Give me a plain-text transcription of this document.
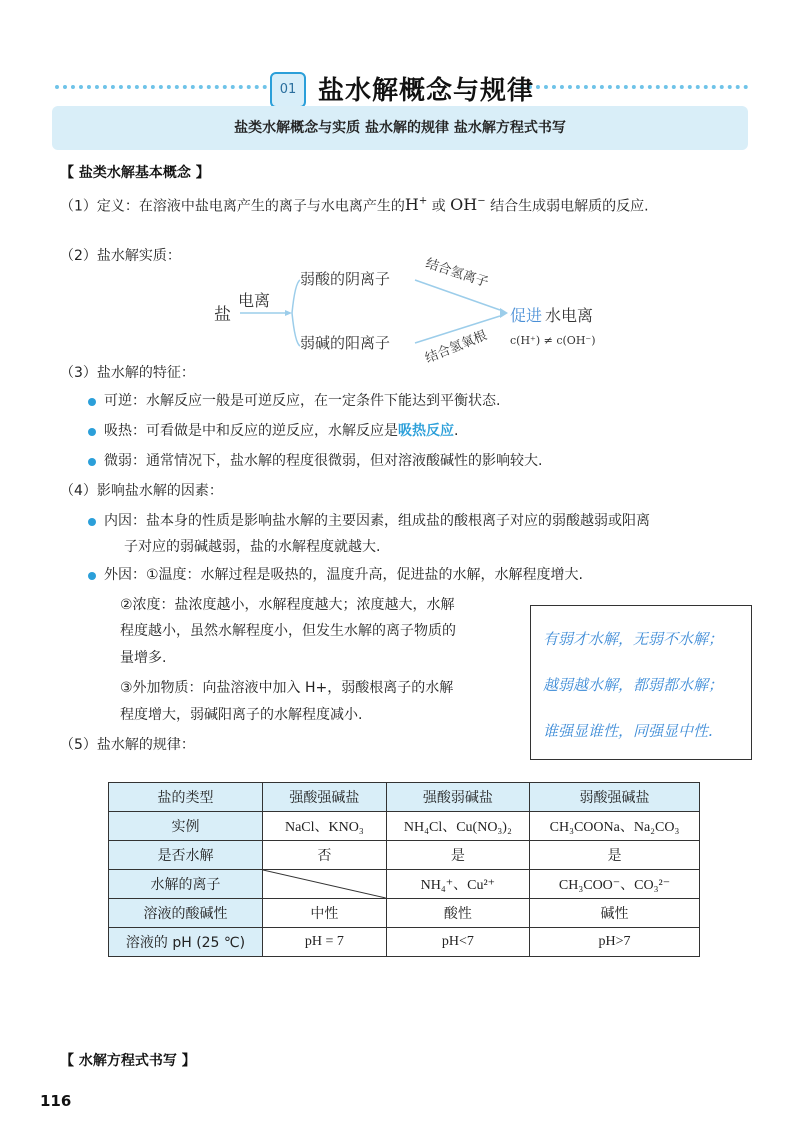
01 盐水解概念与规律
盐类水解概念与实质 盐水解的规律 盐水解方程式书写
【 盐类水解基本概念 】
（1）定义：在溶液中盐电离产生的离子与水电离产生的H+ 或 OH− 结合生成弱电解质的反应.
（2）盐水解实质：
盐
电离
弱酸的阴离子
弱碱的阳离子
结合氢离子
结合氢氧根
促进 水电离
c(H⁺) ≠ c(OH⁻)
（3）盐水解的特征：
可逆：水解反应一般是可逆反应，在一定条件下能达到平衡状态.
吸热：可看做是中和反应的逆反应，水解反应是吸热反应.
微弱：通常情况下，盐水解的程度很微弱，但对溶液酸碱性的影响较大.
（4）影响盐水解的因素：
内因：盐本身的性质是影响盐水解的主要因素，组成盐的酸根离子对应的弱酸越弱或阳离
子对应的弱碱越弱，盐的水解程度就越大.
外因：①温度：水解过程是吸热的，温度升高，促进盐的水解，水解程度增大.
②浓度：盐浓度越小，水解程度越大；浓度越大，水解
程度越小，虽然水解程度小，但发生水解的离子物质的
量增多.
③外加物质：向盐溶液中加入 H+，弱酸根离子的水解
程度增大，弱碱阳离子的水解程度减小.
有弱才水解，无弱不水解；
越弱越水解，都弱都水解；
谁强显谁性，同强显中性.
（5）盐水解的规律：
盐的类型	强酸强碱盐	强酸弱碱盐	弱酸强碱盐
实例	NaCl、KNO₃	NH₄Cl、Cu(NO₃)₂	CH₃COONa、Na₂CO₃
是否水解	否	是	是
水解的离子		NH₄⁺、Cu²⁺	CH₃COO⁻、CO₃²⁻
溶液的酸碱性	中性	酸性	碱性
溶液的 pH (25 ℃)	pH = 7	pH<7	pH>7
【 水解方程式书写 】
116
